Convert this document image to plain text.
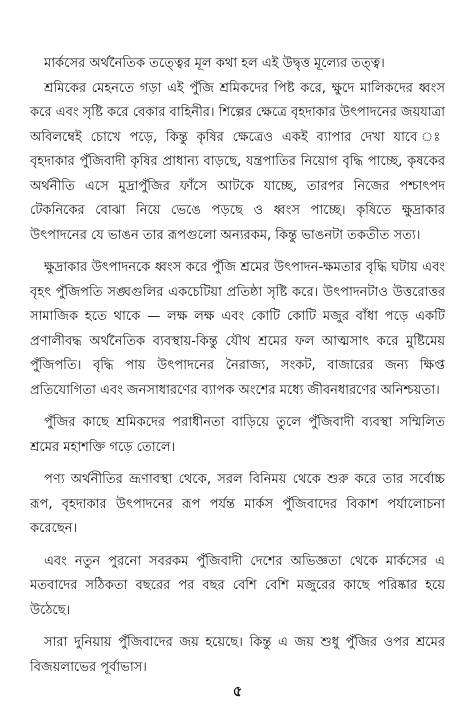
মার্কসের অর্থনৈতিক তত্ত্বের মূল কথা হল এই উদ্বৃত্ত মূল্যের তত্ত্ব।

শ্রমিকের মেহনতে গড়া এই পুঁজি শ্রমিকদের পিষ্ট করে, ক্ষুদে মালিকদের ধ্বংস করে এবং সৃষ্টি করে বেকার বাহিনীর। শিল্পের ক্ষেত্রে বৃহদাকার উৎপাদনের জয়যাত্রা অবিলম্বেই চোখে পড়ে, কিন্তু কৃষির ক্ষেত্রেও একই ব্যাপার দেখা যাবে ঃ বৃহদাকার পুঁজিবাদী কৃষির প্রাধান্য বাড়ছে, যন্ত্রপাতির নিয়োগ বৃদ্ধি পাচ্ছে, কৃষকের অর্থনীতি এসে মুদ্রাপুঁজির ফাঁসে আটকে যাচ্ছে, তারপর নিজের পশ্চাৎপদ টেকনিকের বোঝা নিয়ে ভেঙে পড়ছে ও ধ্বংস পাচ্ছে। কৃষিতে ক্ষুদ্রাকার উৎপাদনের যে ভাঙন তার রূপগুলো অন্যরকম, কিন্তু ভাঙনটা তকতীত সত্য।

ক্ষুদ্রাকার উৎপাদনকে ধ্বংস করে পুঁজি শ্রমের উৎপাদন-ক্ষমতার বৃদ্ধি ঘটায় এবং বৃহৎ পুঁজিপতি সঙ্ঘগুলির একচেটিয়া প্রতিষ্ঠা সৃষ্টি করে। উৎপাদনটাও উত্তরোত্তর সামাজিক হতে থাকে — লক্ষ লক্ষ এবং কোটি কোটি মজুর বাঁধা পড়ে একটি প্রণালীবদ্ধ অর্থনৈতিক ব্যবস্থায়-কিন্তু যৌথ শ্রমের ফল আত্মসাৎ করে মুষ্টিমেয় পুঁজিপতি। বৃদ্ধি পায় উৎপাদনের নৈরাজ্য, সংকট, বাজারের জন্য ক্ষিপ্ত প্রতিযোগিতা এবং জনসাধারণের ব্যাপক অংশের মধ্যে জীবনধারণের অনিশ্চয়তা।

পুঁজির কাছে শ্রমিকদের পরাধীনতা বাড়িয়ে তুলে পুঁজিবাদী ব্যবস্থা সম্মিলিত শ্রমের মহাশক্তি গড়ে তোলে।

পণ্য অর্থনীতির ভ্রূণাবস্থা থেকে, সরল বিনিময় থেকে শুরু করে তার সর্বোচ্চ রূপ, বৃহদাকার উৎপাদনের রূপ পর্যন্ত মার্কস পুঁজিবাদের বিকাশ পর্যালোচনা করেছেন।

এবং নতুন পুরনো সবরকম পুঁজিবাদী দেশের অভিজ্ঞতা থেকে মার্কসের এ মতবাদের সঠিকতা বছরের পর বছর বেশি বেশি মজুরের কাছে পরিষ্কার হয়ে উঠেছে।

সারা দুনিয়ায় পুঁজিবাদের জয় হয়েছে। কিন্তু এ জয় শুধু পুঁজির ওপর শ্রমের বিজয়লাভের পূর্বাভাস।

৫
